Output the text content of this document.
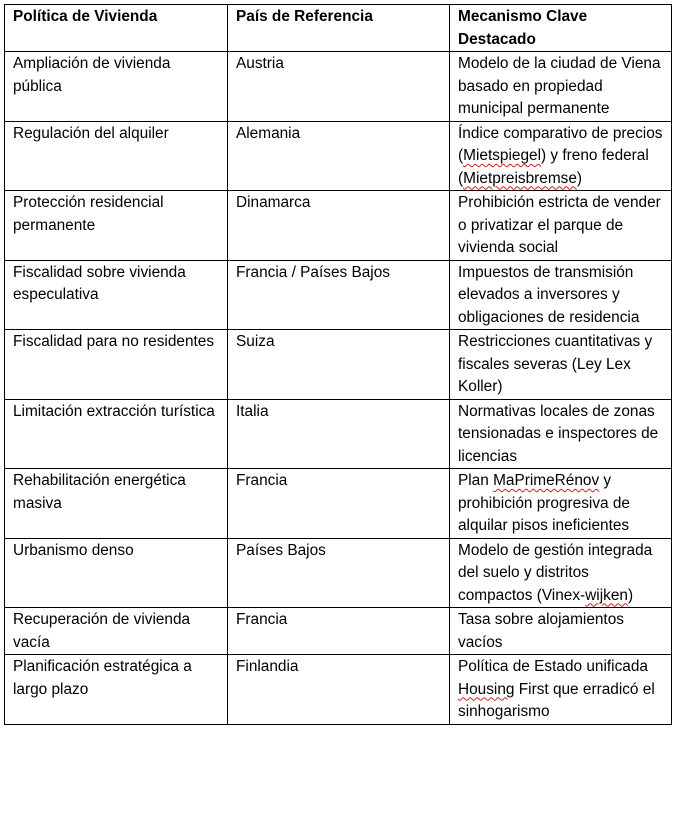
Política de Vivienda	País de Referencia	Mecanismo Clave Destacado
Ampliación de vivienda pública	Austria	Modelo de la ciudad de Viena basado en propiedad municipal permanente
Regulación del alquiler	Alemania	Índice comparativo de precios (Mietspiegel) y freno federal (Mietpreisbremse)
Protección residencial permanente	Dinamarca	Prohibición estricta de vender o privatizar el parque de vivienda social
Fiscalidad sobre vivienda especulativa	Francia / Países Bajos	Impuestos de transmisión elevados a inversores y obligaciones de residencia
Fiscalidad para no residentes	Suiza	Restricciones cuantitativas y fiscales severas (Ley Lex Koller)
Limitación extracción turística	Italia	Normativas locales de zonas tensionadas e inspectores de licencias
Rehabilitación energética masiva	Francia	Plan MaPrimeRénov y prohibición progresiva de alquilar pisos ineficientes
Urbanismo denso	Países Bajos	Modelo de gestión integrada del suelo y distritos compactos (Vinex-wijken)
Recuperación de vivienda vacía	Francia	Tasa sobre alojamientos vacíos
Planificación estratégica a largo plazo	Finlandia	Política de Estado unificada Housing First que erradicó el sinhogarismo
